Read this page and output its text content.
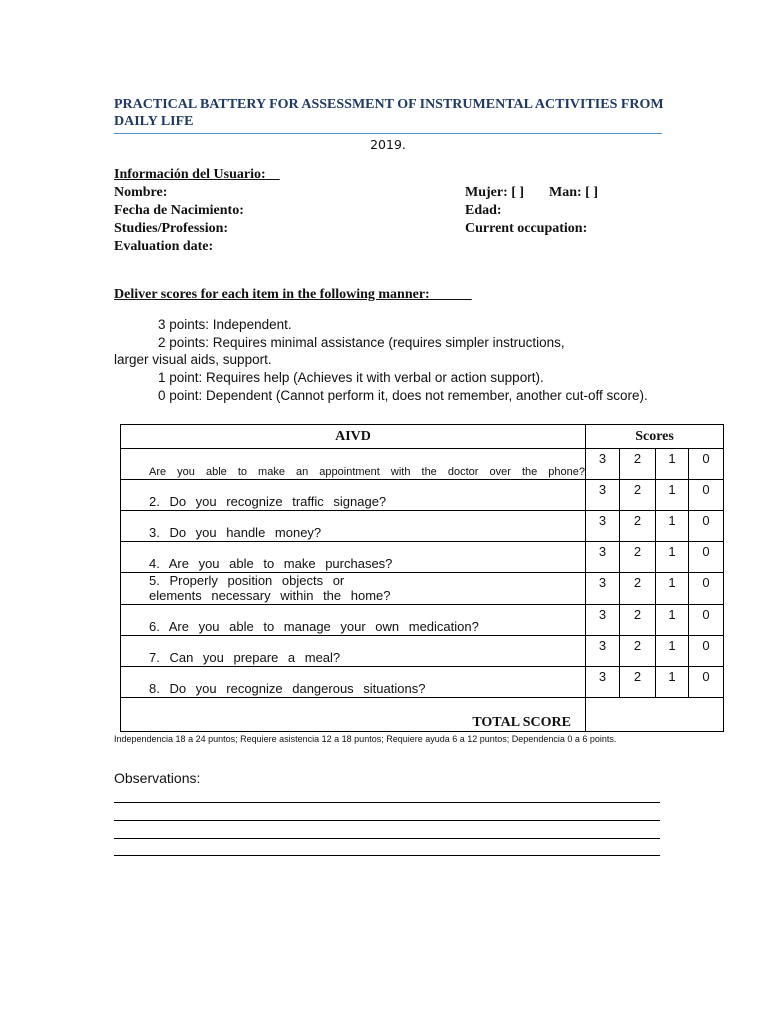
PRACTICAL BATTERY FOR ASSESSMENT OF INSTRUMENTAL ACTIVITIES FROM DAILY LIFE
2019.
Información del Usuario:
Nombre:
Fecha de Nacimiento:
Studies/Profession:
Evaluation date:
Mujer: [ ] Man: [ ]
Edad:
Current occupation:
Deliver scores for each item in the following manner:
3 points: Independent.
2 points: Requires minimal assistance (requires simpler instructions,
larger visual aids, support.
1 point: Requires help (Achieves it with verbal or action support).
0 point: Dependent (Cannot perform it, does not remember, another cut-off score).
AIVD	Scores			
Are you able to make an appointment with the doctor over the phone?	3	2	1	0
2. Do you recognize traffic signage?	3	2	1	0
3. Do you handle money?	3	2	1	0
4. Are you able to make purchases?	3	2	1	0

5. Properly position objects or elements necessary within the home?	3	2	1	0
6. Are you able to manage your own medication?	3	2	1	0
7. Can you prepare a meal?	3	2	1	0
8. Do you recognize dangerous situations?	3	2	1	0
TOTAL SCORE				
Independencia 18 a 24 puntos; Requiere asistencia 12 a 18 puntos; Requiere ayuda 6 a 12 puntos; Dependencia 0 a 6 points.
Observations:
